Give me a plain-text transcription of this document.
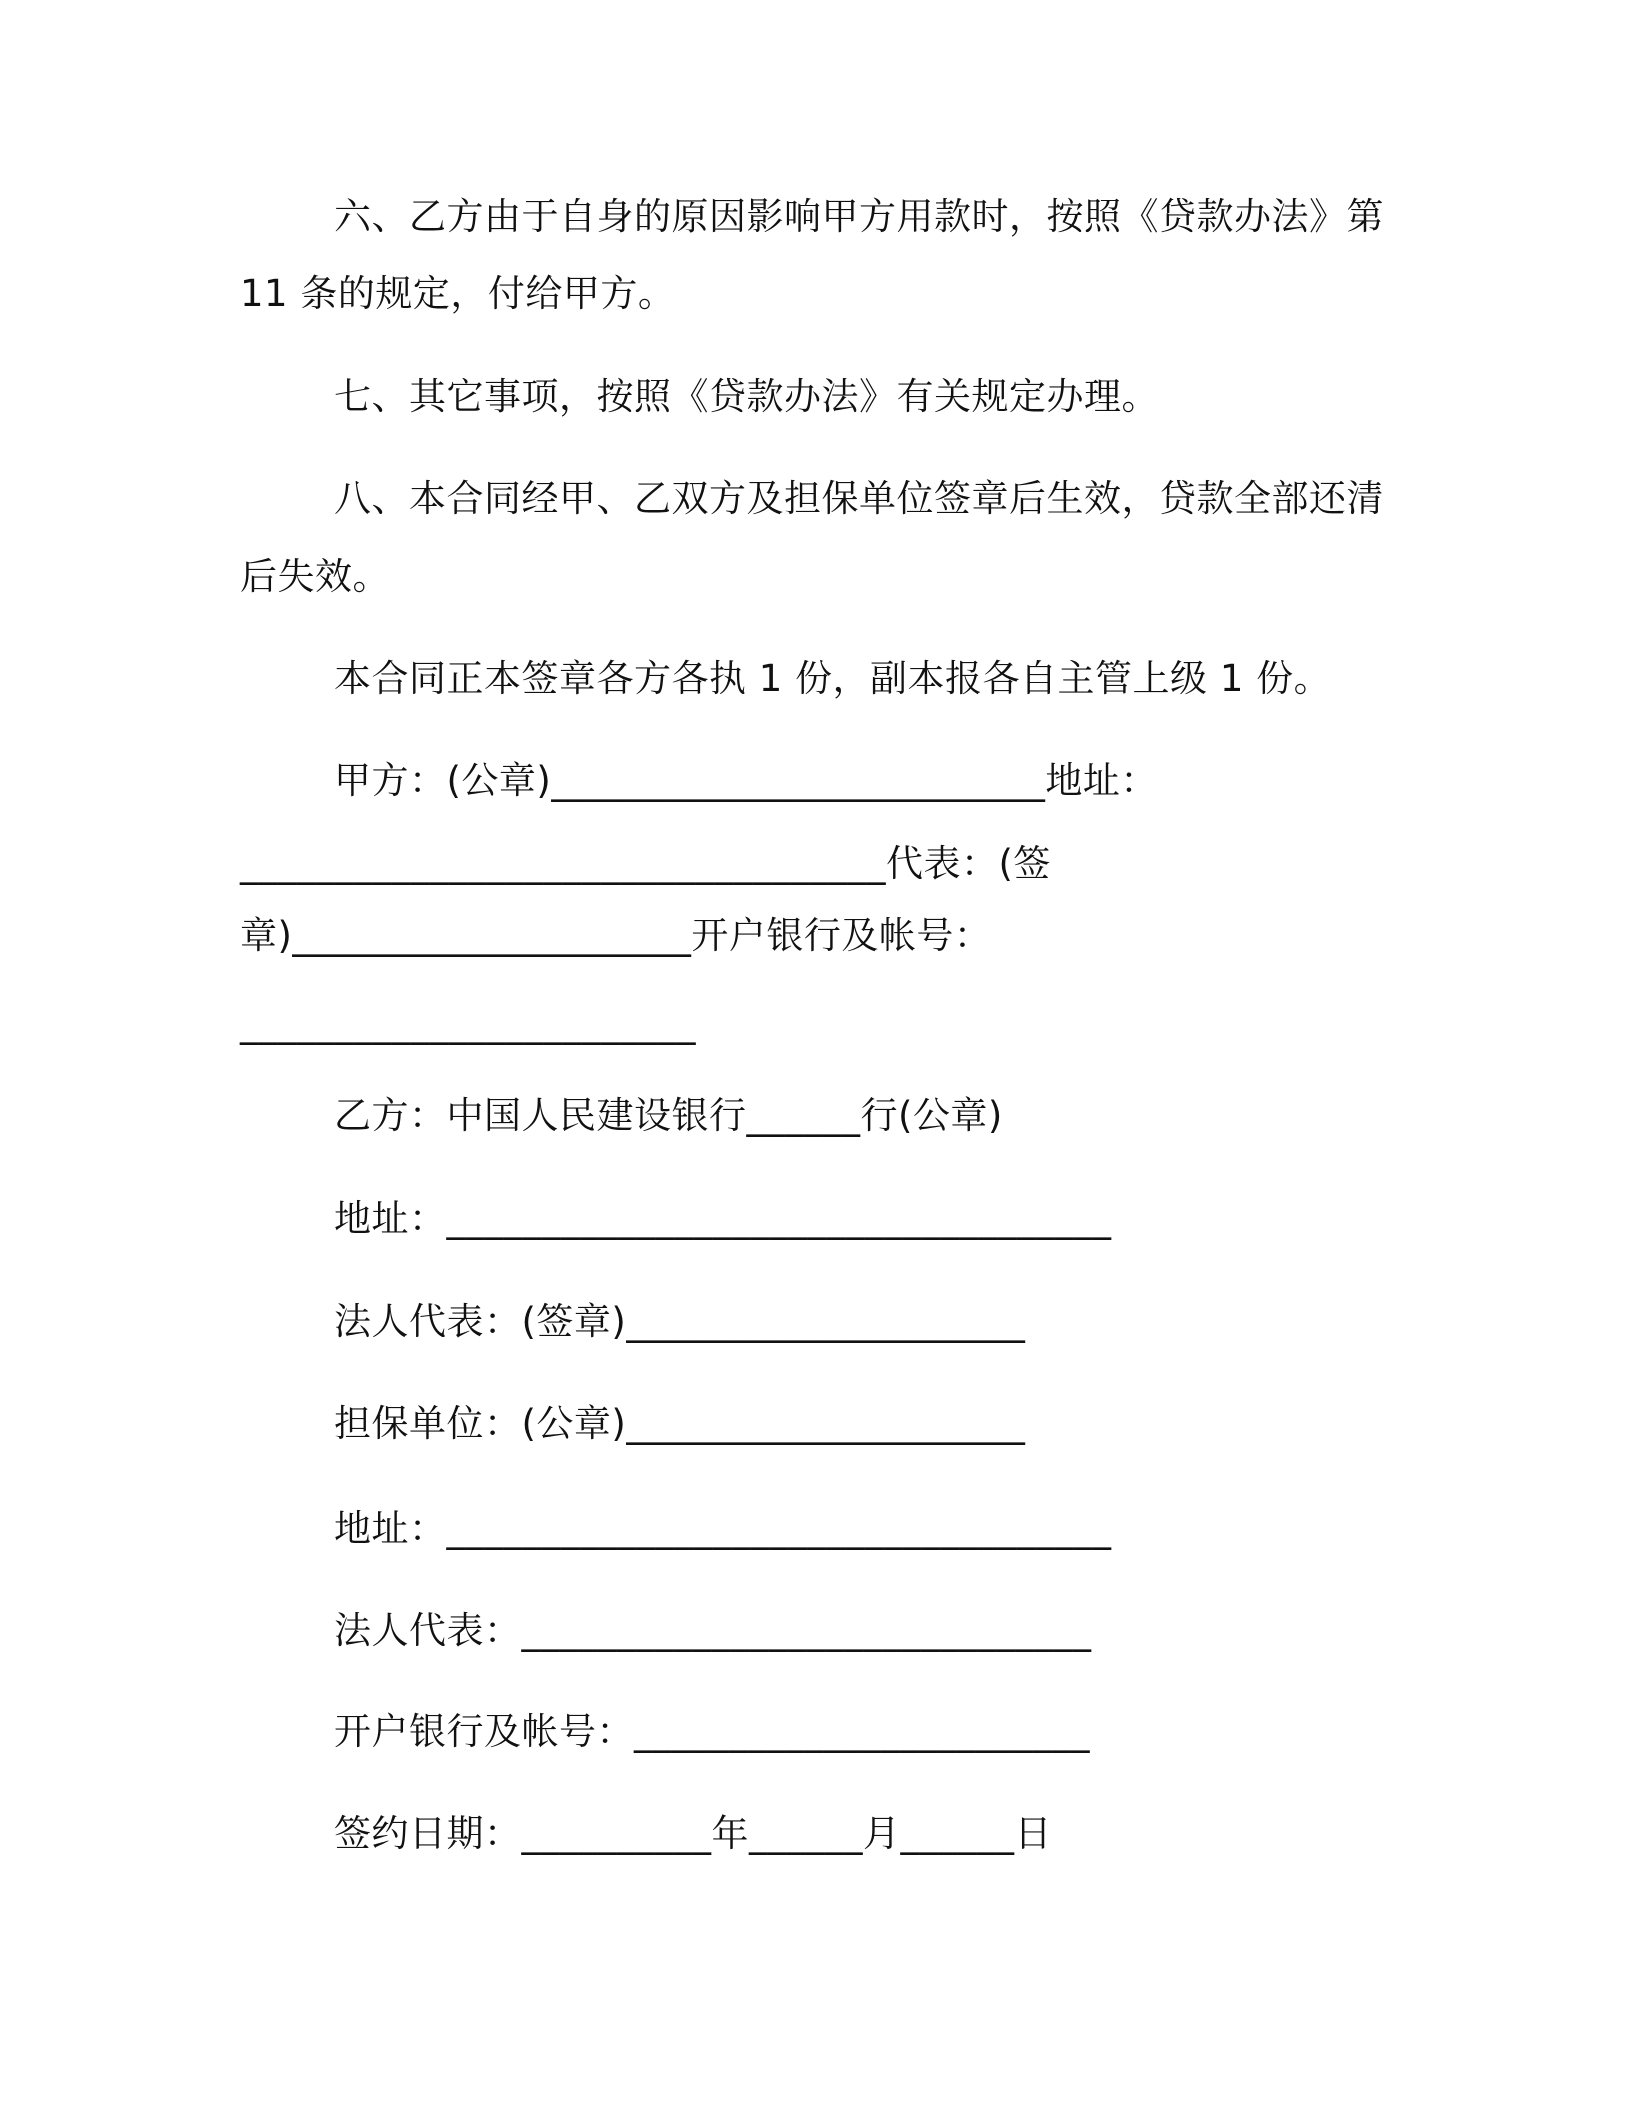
六、乙方由于自身的原因影响甲方用款时，按照《贷款办法》第
11 条的规定，付给甲方。
七、其它事项，按照《贷款办法》有关规定办理。
八、本合同经甲、乙双方及担保单位签章后生效，贷款全部还清
后失效。
本合同正本签章各方各执 1 份，副本报各自主管上级 1 份。
甲方：(公章)__________________________地址：
__________________________________代表：(签
章)_____________________开户银行及帐号：
________________________
乙方：中国人民建设银行______行(公章)
地址：___________________________________
法人代表：(签章)_____________________
担保单位：(公章)_____________________
地址：___________________________________
法人代表：______________________________
开户银行及帐号：________________________
签约日期：__________年______月______日
